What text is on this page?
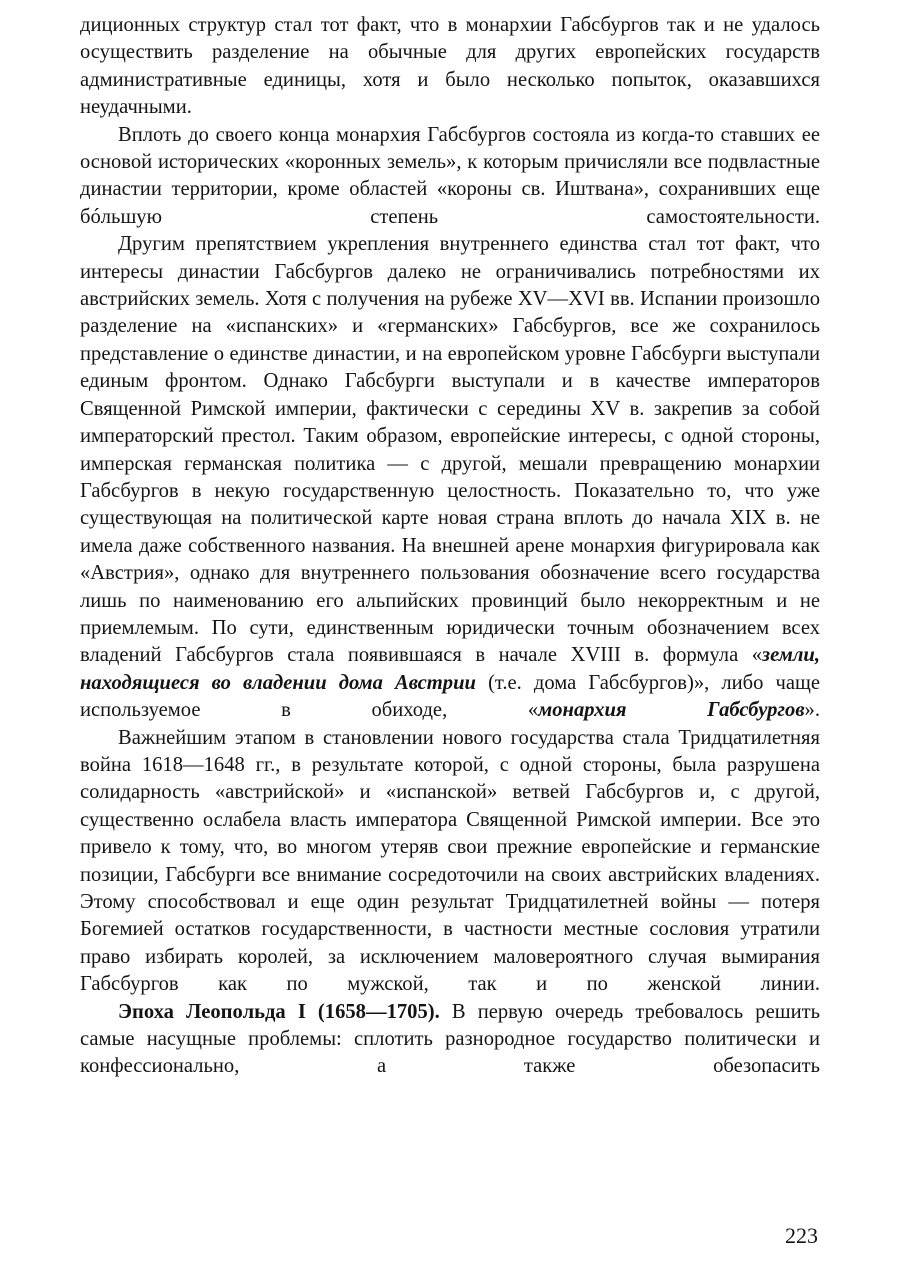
диционных структур стал тот факт, что в монархии Габсбургов так и не удалось осуществить разделение на обычные для других европейских государств административные единицы, хотя и было несколько попыток, оказавшихся неудачными.

Вплоть до своего конца монархия Габсбургов состояла из когда-то ставших ее основой исторических «коронных земель», к которым причисляли все подвластные династии территории, кроме областей «короны св. Иштвана», сохранивших еще бóльшую степень самостоятельности.

Другим препятствием укрепления внутреннего единства стал тот факт, что интересы династии Габсбургов далеко не ограничивались потребностями их австрийских земель. Хотя с получения на рубеже XV—XVI вв. Испании произошло разделение на «испанских» и «германских» Габсбургов, все же сохранилось представление о единстве династии, и на европейском уровне Габсбурги выступали единым фронтом. Однако Габсбурги выступали и в качестве императоров Священной Римской империи, фактически с середины XV в. закрепив за собой императорский престол. Таким образом, европейские интересы, с одной стороны, имперская германская политика — с другой, мешали превращению монархии Габсбургов в некую государственную целостность. Показательно то, что уже существующая на политической карте новая страна вплоть до начала XIX в. не имела даже собственного названия. На внешней арене монархия фигурировала как «Австрия», однако для внутреннего пользования обозначение всего государства лишь по наименованию его альпийских провинций было некорректным и не приемлемым. По сути, единственным юридически точным обозначением всех владений Габсбургов стала появившаяся в начале XVIII в. формула «земли, находящиеся во владении дома Австрии (т.е. дома Габсбургов)», либо чаще используемое в обиходе, «монархия Габсбургов».

Важнейшим этапом в становлении нового государства стала Тридцатилетняя война 1618—1648 гг., в результате которой, с одной стороны, была разрушена солидарность «австрийской» и «испанской» ветвей Габсбургов и, с другой, существенно ослабела власть императора Священной Римской империи. Все это привело к тому, что, во многом утеряв свои прежние европейские и германские позиции, Габсбурги все внимание сосредоточили на своих австрийских владениях. Этому способствовал и еще один результат Тридцатилетней войны — потеря Богемией остатков государственности, в частности местные сословия утратили право избирать королей, за исключением маловероятного случая вымирания Габсбургов как по мужской, так и по женской линии.

Эпоха Леопольда I (1658—1705). В первую очередь требовалось решить самые насущные проблемы: сплотить разнородное государство политически и конфессионально, а также обезопасить

223
